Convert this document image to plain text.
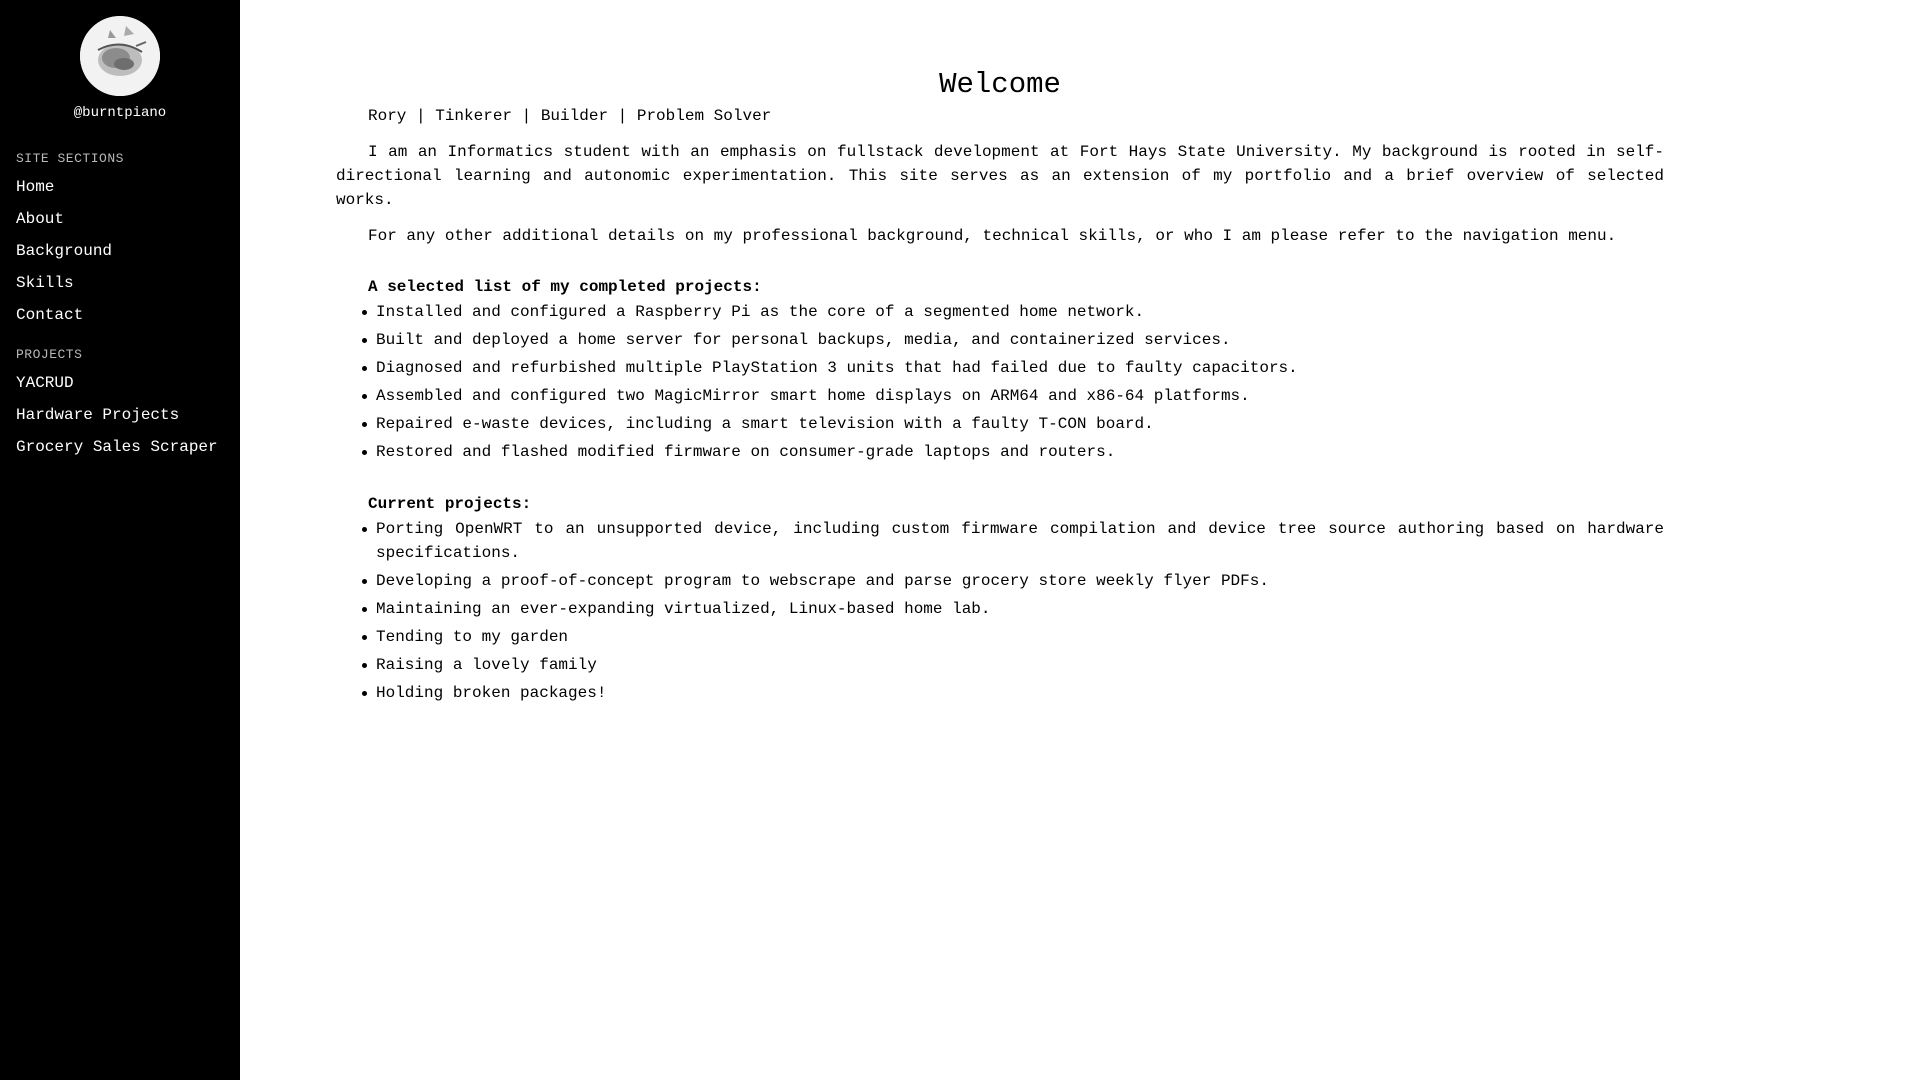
@burntpiano
SITE SECTIONS
Home
About
Background
Skills
Contact
PROJECTS
YACRUD
Hardware Projects
Grocery Sales Scraper
Welcome

Rory | Tinkerer | Builder | Problem Solver

I am an Informatics student with an emphasis on fullstack development at Fort Hays State University. My background is rooted in self-directional learning and autonomic experimentation. This site serves as an extension of my portfolio and a brief overview of selected works.

For any other additional details on my professional background, technical skills, or who I am please refer to the navigation menu.

A selected list of my completed projects:

Installed and configured a Raspberry Pi as the core of a segmented home network.
Built and deployed a home server for personal backups, media, and containerized services.
Diagnosed and refurbished multiple PlayStation 3 units that had failed due to faulty capacitors.
Assembled and configured two MagicMirror smart home displays on ARM64 and x86-64 platforms.
Repaired e-waste devices, including a smart television with a faulty T-CON board.
Restored and flashed modified firmware on consumer-grade laptops and routers.

Current projects:

Porting OpenWRT to an unsupported device, including custom firmware compilation and device tree source authoring based on hardware specifications.
Developing a proof-of-concept program to webscrape and parse grocery store weekly flyer PDFs.
Maintaining an ever-expanding virtualized, Linux-based home lab.
Tending to my garden
Raising a lovely family
Holding broken packages!
